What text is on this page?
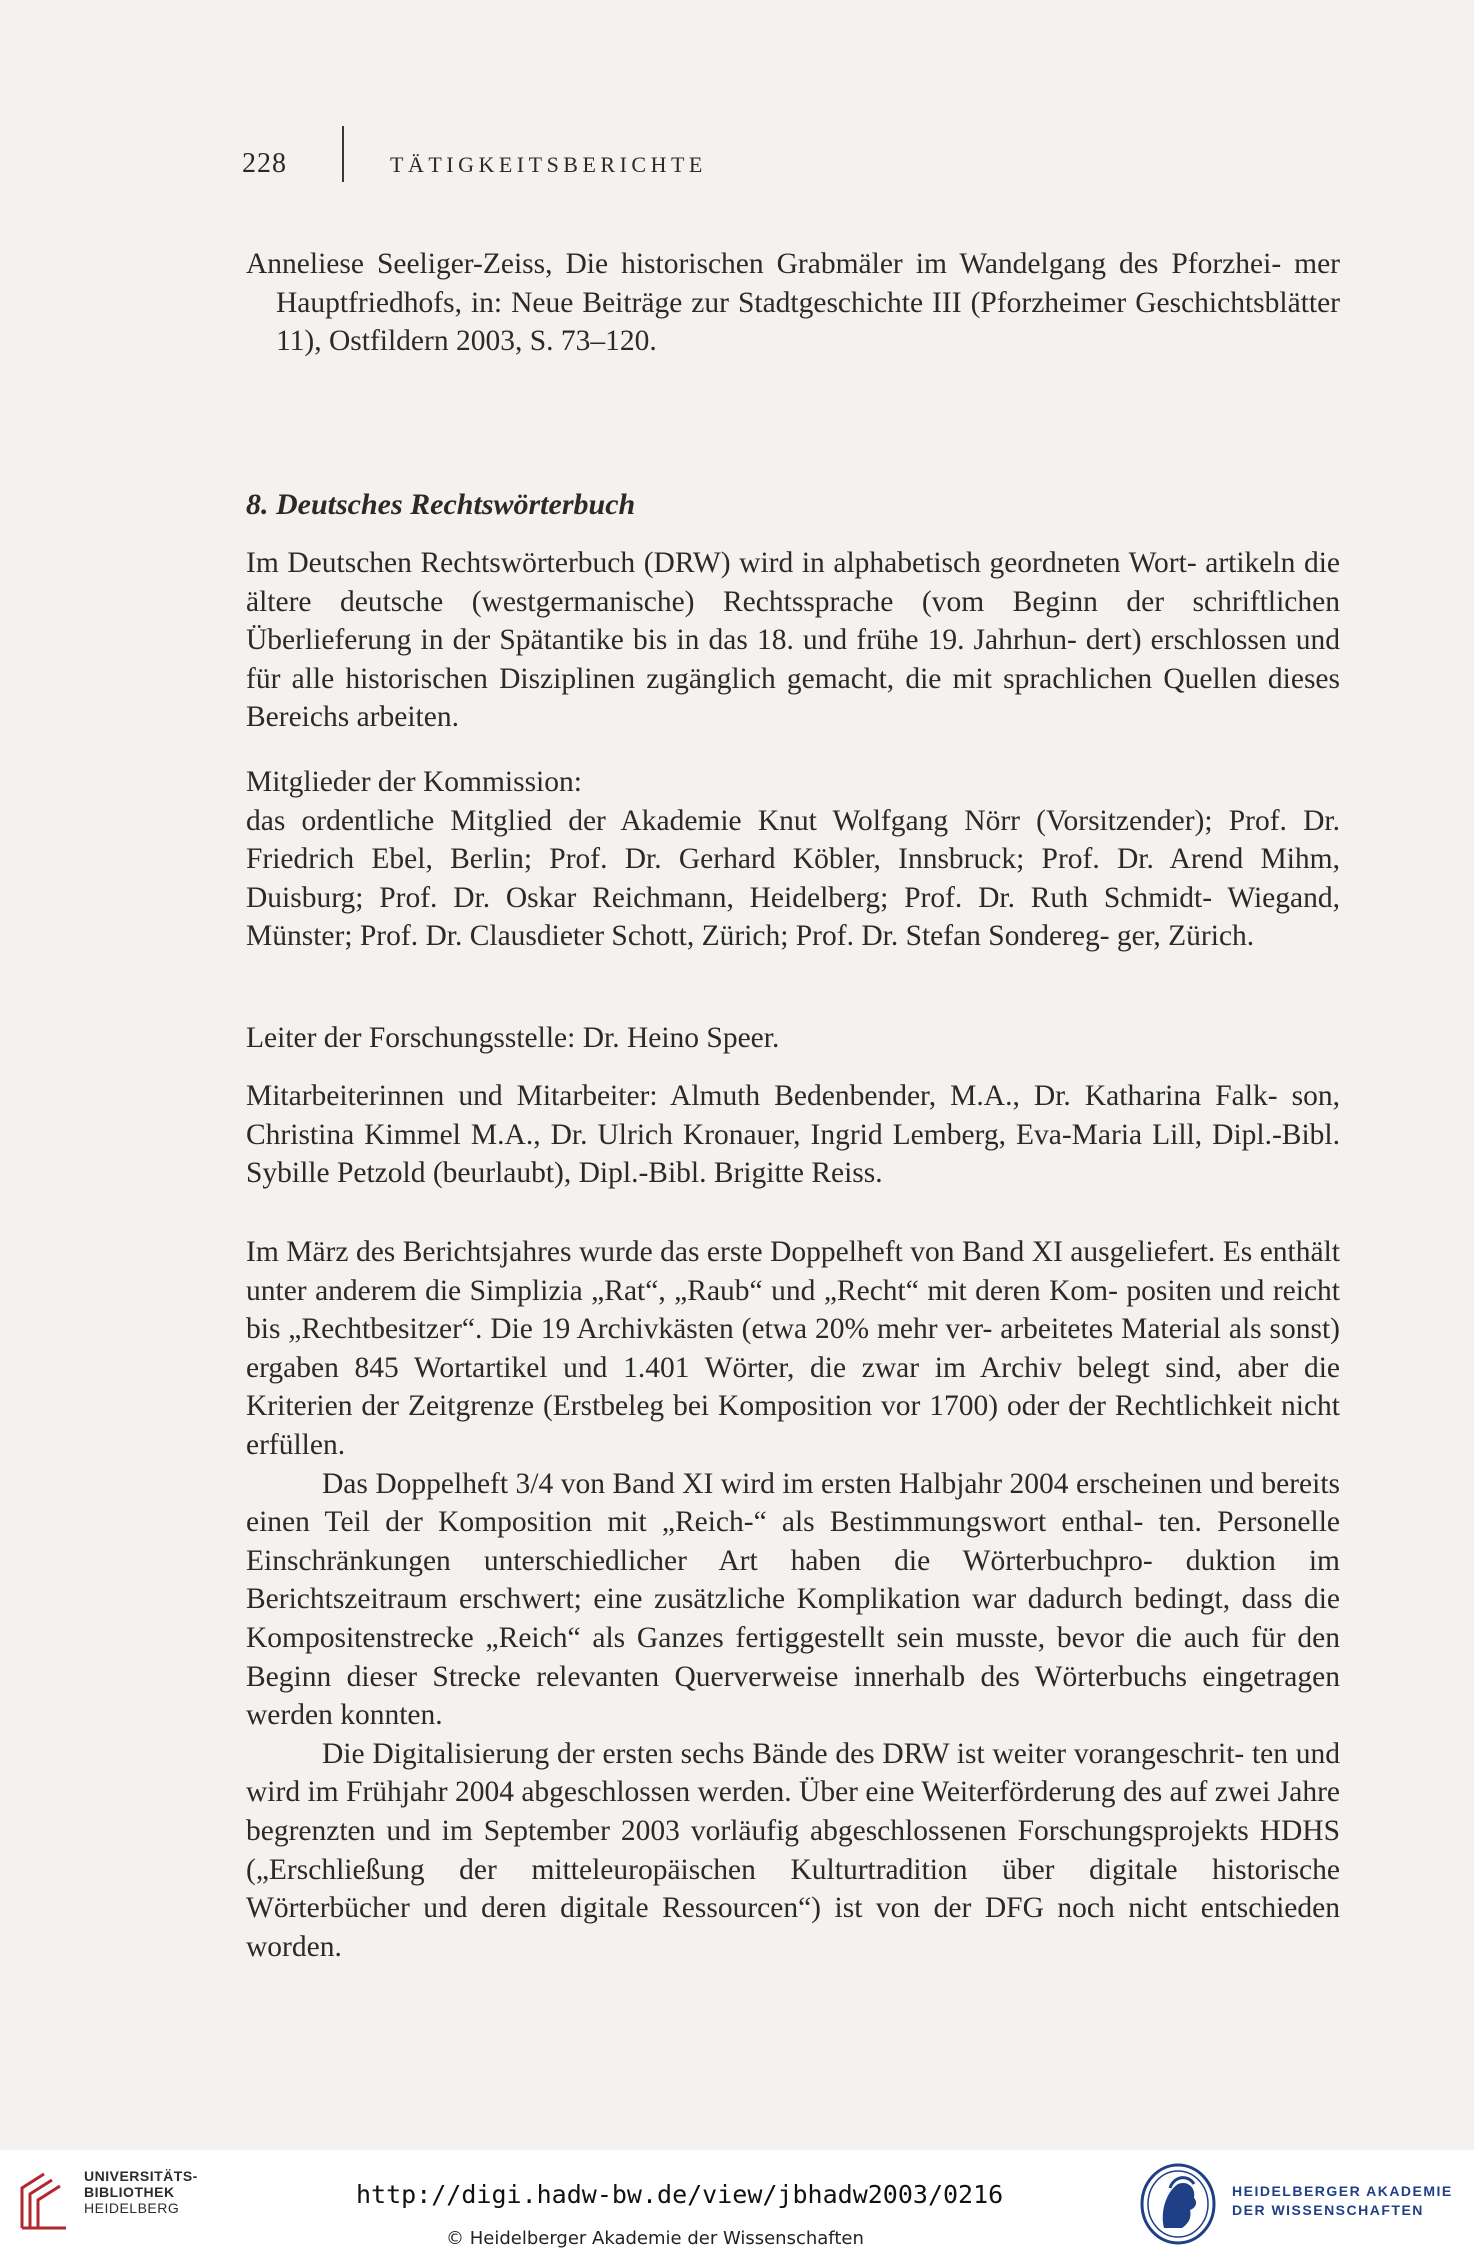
228	TÄTIGKEITSBERICHTE

Anneliese Seeliger-Zeiss, Die historischen Grabmäler im Wandelgang des Pforzhei- mer Hauptfriedhofs, in: Neue Beiträge zur Stadtgeschichte III (Pforzheimer Geschichtsblätter 11), Ostfildern 2003, S. 73–120.

8. Deutsches Rechtswörterbuch

Im Deutschen Rechtswörterbuch (DRW) wird in alphabetisch geordneten Wort- artikeln die ältere deutsche (westgermanische) Rechtssprache (vom Beginn der schriftlichen Überlieferung in der Spätantike bis in das 18. und frühe 19. Jahrhun- dert) erschlossen und für alle historischen Disziplinen zugänglich gemacht, die mit sprachlichen Quellen dieses Bereichs arbeiten.

Mitglieder der Kommission:

das ordentliche Mitglied der Akademie Knut Wolfgang Nörr (Vorsitzender); Prof. Dr. Friedrich Ebel, Berlin; Prof. Dr. Gerhard Köbler, Innsbruck; Prof. Dr. Arend Mihm, Duisburg; Prof. Dr. Oskar Reichmann, Heidelberg; Prof. Dr. Ruth Schmidt- Wiegand, Münster; Prof. Dr. Clausdieter Schott, Zürich; Prof. Dr. Stefan Sondereg- ger, Zürich.

Leiter der Forschungsstelle: Dr. Heino Speer.

Mitarbeiterinnen und Mitarbeiter: Almuth Bedenbender, M.A., Dr. Katharina Falk- son, Christina Kimmel M.A., Dr. Ulrich Kronauer, Ingrid Lemberg, Eva-Maria Lill, Dipl.-Bibl. Sybille Petzold (beurlaubt), Dipl.-Bibl. Brigitte Reiss.

Im März des Berichtsjahres wurde das erste Doppelheft von Band XI ausgeliefert. Es enthält unter anderem die Simplizia „Rat“, „Raub“ und „Recht“ mit deren Kom- positen und reicht bis „Rechtbesitzer“. Die 19 Archivkästen (etwa 20% mehr ver- arbeitetes Material als sonst) ergaben 845 Wortartikel und 1.401 Wörter, die zwar im Archiv belegt sind, aber die Kriterien der Zeitgrenze (Erstbeleg bei Komposition vor 1700) oder der Rechtlichkeit nicht erfüllen.

Das Doppelheft 3/4 von Band XI wird im ersten Halbjahr 2004 erscheinen und bereits einen Teil der Komposition mit „Reich-“ als Bestimmungswort enthal- ten. Personelle Einschränkungen unterschiedlicher Art haben die Wörterbuchpro- duktion im Berichtszeitraum erschwert; eine zusätzliche Komplikation war dadurch bedingt, dass die Kompositenstrecke „Reich“ als Ganzes fertiggestellt sein musste, bevor die auch für den Beginn dieser Strecke relevanten Querverweise innerhalb des Wörterbuchs eingetragen werden konnten.

Die Digitalisierung der ersten sechs Bände des DRW ist weiter vorangeschrit- ten und wird im Frühjahr 2004 abgeschlossen werden. Über eine Weiterförderung des auf zwei Jahre begrenzten und im September 2003 vorläufig abgeschlossenen Forschungsprojekts HDHS („Erschließung der mitteleuropäischen Kulturtradition über digitale historische Wörterbücher und deren digitale Ressourcen“) ist von der DFG noch nicht entschieden worden.

UNIVERSITÄTS-
BIBLIOTHEK
HEIDELBERG	http://digi.hadw-bw.de/view/jbhadw2003/0216
© Heidelberger Akademie der Wissenschaften
HEIDELBERGER AKADEMIE
DER WISSENSCHAFTEN
